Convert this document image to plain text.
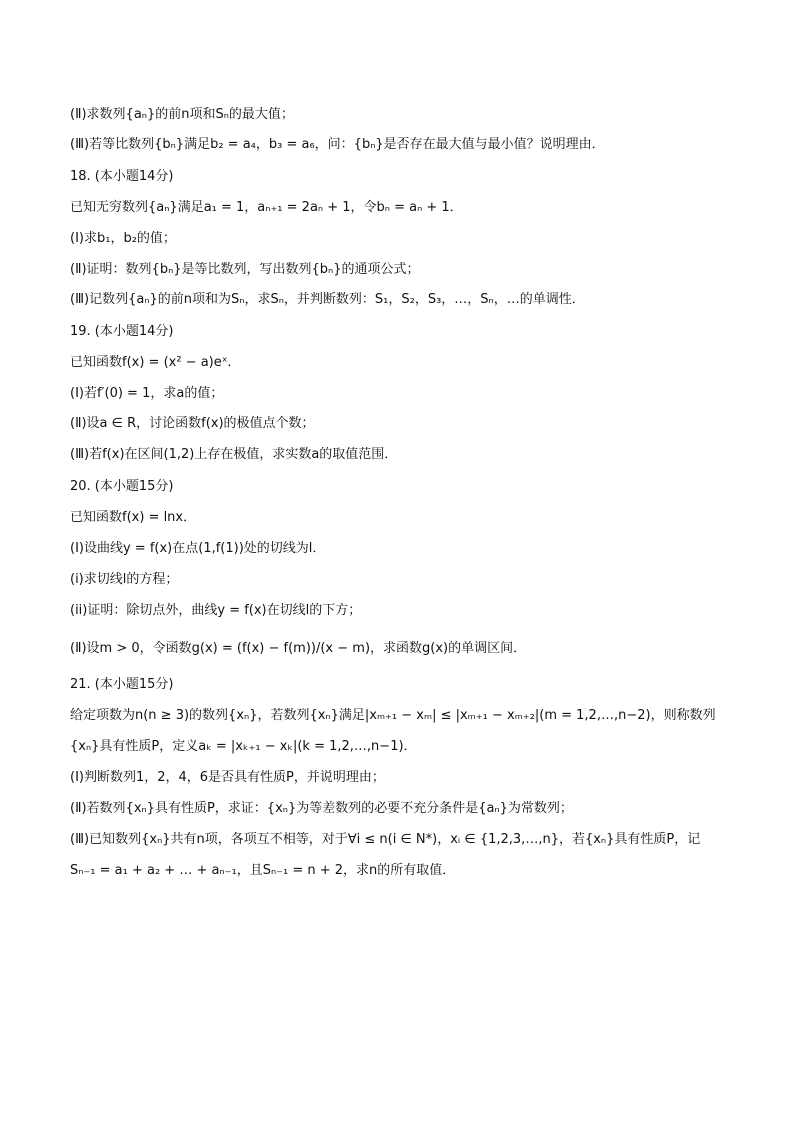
(Ⅱ)求数列{aₙ}的前n项和Sₙ的最大值；
(Ⅲ)若等比数列{bₙ}满足b₂ = a₄，b₃ = a₆，问：{bₙ}是否存在最大值与最小值？说明理由．
18. (本小题14分)
已知无穷数列{aₙ}满足a₁ = 1，aₙ₊₁ = 2aₙ + 1，令bₙ = aₙ + 1．
(Ⅰ)求b₁，b₂的值；
(Ⅱ)证明：数列{bₙ}是等比数列，写出数列{bₙ}的通项公式；
(Ⅲ)记数列{aₙ}的前n项和为Sₙ，求Sₙ，并判断数列：S₁，S₂，S₃，…，Sₙ，…的单调性．
19. (本小题14分)
已知函数f(x) = (x² − a)eˣ．
(Ⅰ)若f′(0) = 1，求a的值；
(Ⅱ)设a ∈ R，讨论函数f(x)的极值点个数；
(Ⅲ)若f(x)在区间(1,2)上存在极值，求实数a的取值范围．
20. (本小题15分)
已知函数f(x) = lnx．
(Ⅰ)设曲线y = f(x)在点(1,f(1))处的切线为l．
(i)求切线l的方程；
(ii)证明：除切点外，曲线y = f(x)在切线l的下方；
(Ⅱ)设m > 0，令函数g(x) = (f(x) − f(m))/(x − m)，求函数g(x)的单调区间．
21. (本小题15分)
给定项数为n(n ≥ 3)的数列{xₙ}，若数列{xₙ}满足|xₘ₊₁ − xₘ| ≤ |xₘ₊₁ − xₘ₊₂|(m = 1,2,…,n−2)，则称数列
{xₙ}具有性质P，定义aₖ = |xₖ₊₁ − xₖ|(k = 1,2,…,n−1)．
(Ⅰ)判断数列1，2，4，6是否具有性质P，并说明理由；
(Ⅱ)若数列{xₙ}具有性质P，求证：{xₙ}为等差数列的必要不充分条件是{aₙ}为常数列；
(Ⅲ)已知数列{xₙ}共有n项，各项互不相等，对于∀i ≤ n(i ∈ N*)，xᵢ ∈ {1,2,3,…,n}，若{xₙ}具有性质P，记
Sₙ₋₁ = a₁ + a₂ + … + aₙ₋₁，且Sₙ₋₁ = n + 2，求n的所有取值．
